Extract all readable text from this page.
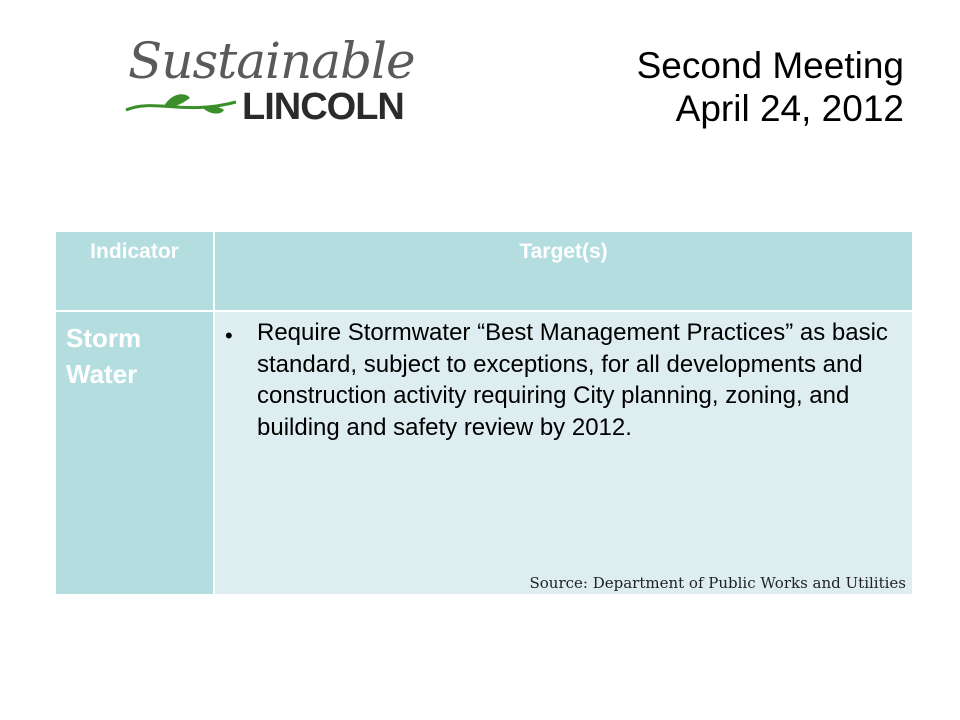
Sustainable
LINCOLN
Second Meeting
April 24, 2012
Indicator	Target(s)
Storm Water
• Require Stormwater “Best Management Practices” as basic standard, subject to exceptions, for all developments and construction activity requiring City planning, zoning, and building and safety review by 2012.
Source: Department of Public Works and Utilities
